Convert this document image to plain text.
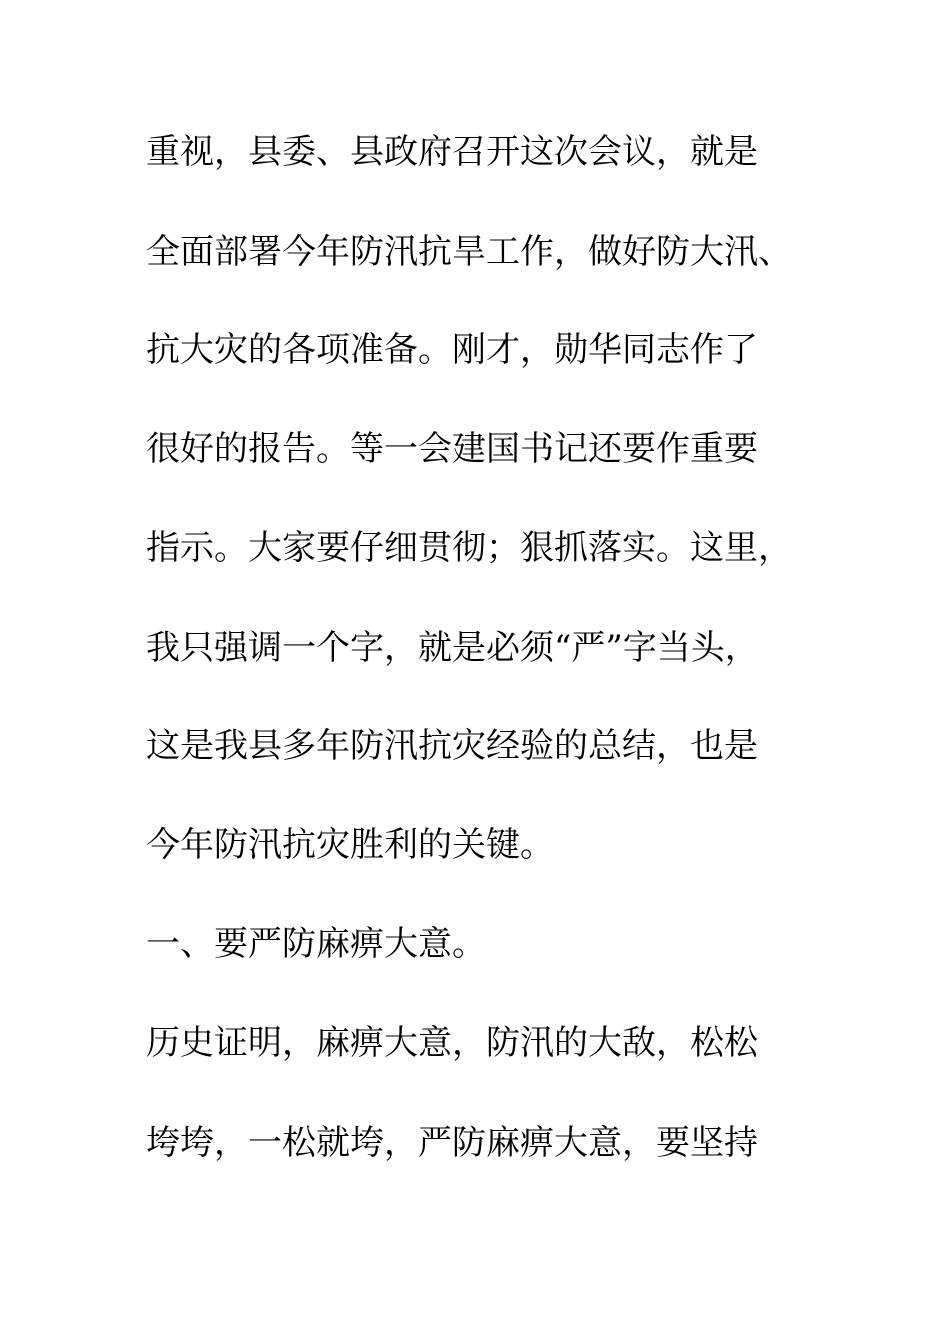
重视，县委、县政府召开这次会议，就是
全面部署今年防汛抗旱工作，做好防大汛、
抗大灾的各项准备。刚才，勋华同志作了
很好的报告。等一会建国书记还要作重要
指示。大家要仔细贯彻；狠抓落实。这里，
我只强调一个字，就是必须“严”字当头，
这是我县多年防汛抗灾经验的总结，也是
今年防汛抗灾胜利的关键。
一、要严防麻痹大意。
历史证明，麻痹大意，防汛的大敌，松松
垮垮，一松就垮，严防麻痹大意，要坚持
